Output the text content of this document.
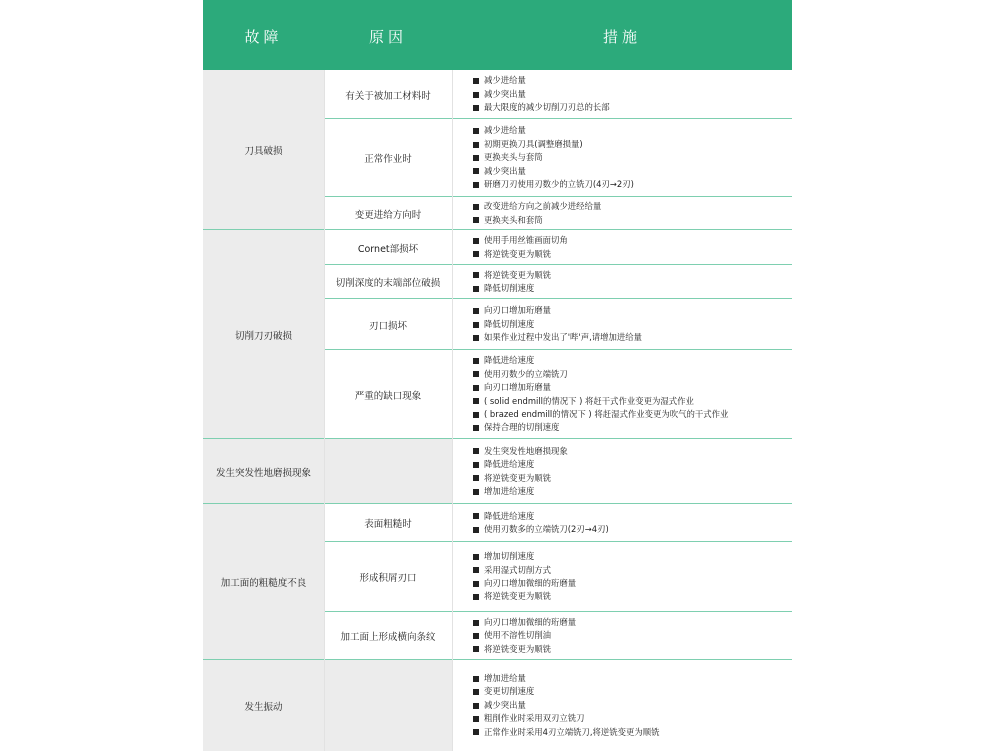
故障	原因	措施
刀具破损
有关于被加工材料时
减少进给量
减少突出量
最大限度的减少切削刀刃总的长部
正常作业时
减少进给量
初期更换刀具(调整磨损量)
更换夹头与套筒
减少突出量
研磨刀刃使用刃数少的立铣刀(4刃→2刃)
变更进给方向时
改变进给方向之前减少进经给量
更换夹头和套筒
切削刀刃破损
Cornet部损坏
使用手用丝锥画面切角
将逆铣变更为顺铣
切削深度的末端部位破损
将逆铣变更为顺铣
降低切削速度
刃口损坏
向刃口增加珩磨量
降低切削速度
如果作业过程中发出了'哔'声,请增加进给量
严重的缺口现象
降低进给速度
使用刃数少的立端铣刀
向刃口增加珩磨量
( solid endmill的情况下 ) 将赶干式作业变更为湿式作业
( brazed endmill的情况下 ) 将赶湿式作业变更为吹气的干式作业
保持合理的切削速度
发生突发性地磨损现象
发生突发性地磨损现象
降低进给速度
将逆铣变更为顺铣
增加进给速度
加工面的粗糙度不良
表面粗糙时
降低进给速度
使用刃数多的立端铣刀(2刃→4刃)
形成积屑刃口
增加切削速度
采用湿式切削方式
向刃口增加微细的珩磨量
将逆铣变更为顺铣
加工面上形成横向条纹
向刃口增加微细的珩磨量
使用不溶性切削油
将逆铣变更为顺铣
发生振动
增加进给量
变更切削速度
减少突出量
粗削作业时采用双刃立铣刀
正常作业时采用4刃立端铣刀,将逆铣变更为顺铣
